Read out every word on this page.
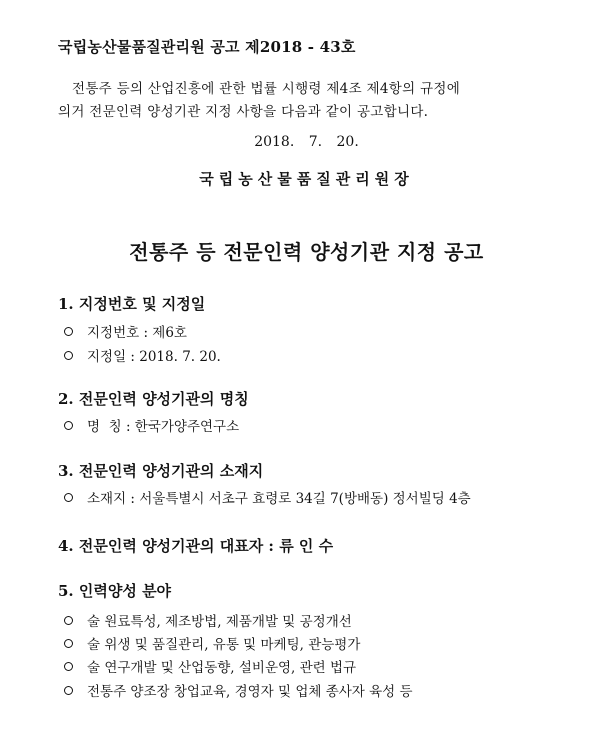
국립농산물품질관리원 공고 제2018 - 43호
전통주 등의 산업진흥에 관한 법률 시행령 제4조 제4항의 규정에
의거 전문인력 양성기관 지정 사항을 다음과 같이 공고합니다.
2018. 7. 20.
국립농산물품질관리원장
전통주 등 전문인력 양성기관 지정 공고
1. 지정번호 및 지정일
지정번호 : 제6호
지정일 : 2018. 7. 20.
2. 전문인력 양성기관의 명칭
명  칭 : 한국가양주연구소
3. 전문인력 양성기관의 소재지
소재지 : 서울특별시 서초구 효령로 34길 7(방배동) 정서빌딩 4층
4. 전문인력 양성기관의 대표자 : 류 인 수
5. 인력양성 분야
술 원료특성, 제조방법, 제품개발 및 공정개선
술 위생 및 품질관리, 유통 및 마케팅, 관능평가
술 연구개발 및 산업동향, 설비운영, 관련 법규
전통주 양조장 창업교육, 경영자 및 업체 종사자 육성 등
